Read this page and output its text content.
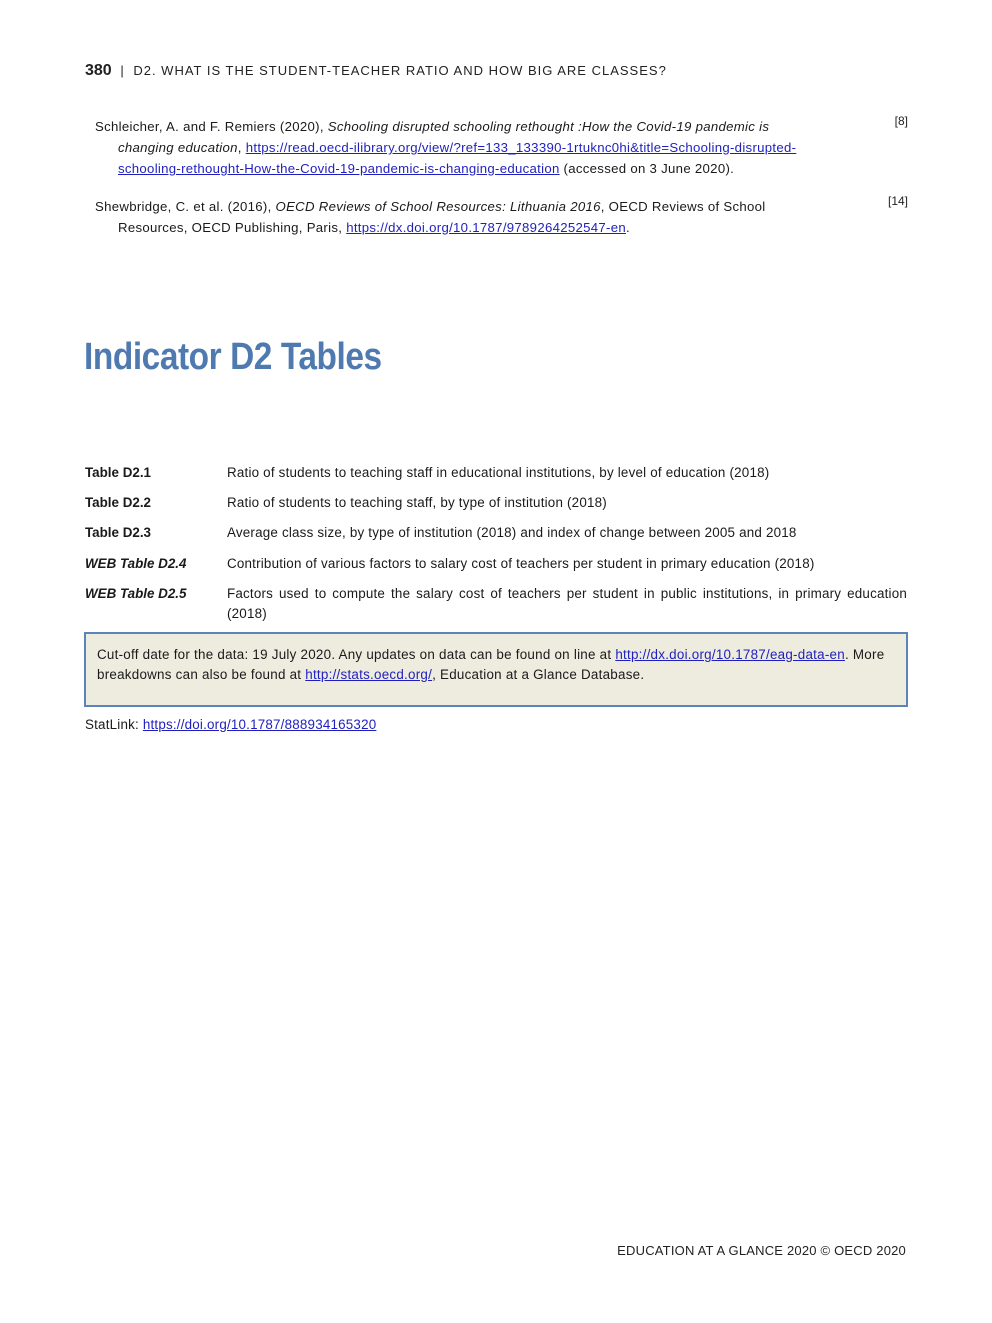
380 | D2. WHAT IS THE STUDENT-TEACHER RATIO AND HOW BIG ARE CLASSES?
Schleicher, A. and F. Remiers (2020), Schooling disrupted schooling rethought :How the Covid-19 pandemic is
changing education, https://read.oecd-ilibrary.org/view/?ref=133_133390-1rtuknc0hi&title=Schooling-disrupted-
schooling-rethought-How-the-Covid-19-pandemic-is-changing-education (accessed on 3 June 2020).
[8]
Shewbridge, C. et al. (2016), OECD Reviews of School Resources: Lithuania 2016, OECD Reviews of School
Resources, OECD Publishing, Paris, https://dx.doi.org/10.1787/9789264252547-en.
[14]
Indicator D2 Tables
Table D2.1	Ratio of students to teaching staff in educational institutions, by level of education (2018)
Table D2.2	Ratio of students to teaching staff, by type of institution (2018)
Table D2.3	Average class size, by type of institution (2018) and index of change between 2005 and 2018
WEB Table D2.4	Contribution of various factors to salary cost of teachers per student in primary education (2018)
WEB Table D2.5	Factors used to compute the salary cost of teachers per student in public institutions, in primary education (2018)
Cut-off date for the data: 19 July 2020. Any updates on data can be found on line at http://dx.doi.org/10.1787/eag-data-en. More breakdowns can also be found at http://stats.oecd.org/, Education at a Glance Database.
StatLink: https://doi.org/10.1787/888934165320
EDUCATION AT A GLANCE 2020 © OECD 2020
